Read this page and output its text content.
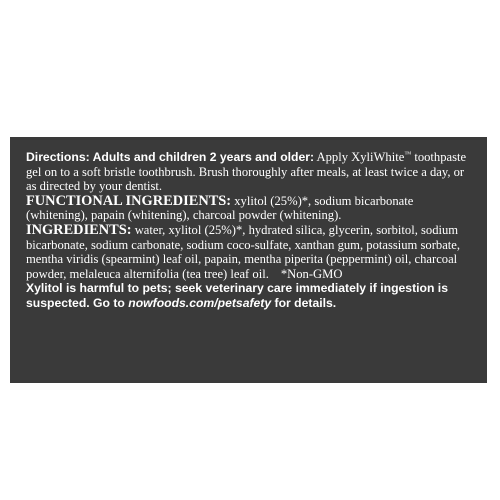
Directions: Adults and children 2 years and older: Apply XyliWhite™ toothpaste gel on to a soft bristle toothbrush. Brush thoroughly after meals, at least twice a day, or as directed by your dentist.

FUNCTIONAL INGREDIENTS: xylitol (25%)*, sodium bicarbonate (whitening), papain (whitening), charcoal powder (whitening).

INGREDIENTS: water, xylitol (25%)*, hydrated silica, glycerin, sorbitol, sodium bicarbonate, sodium carbonate, sodium coco-sulfate, xanthan gum, potassium sorbate, mentha viridis (spearmint) leaf oil, papain, mentha piperita (peppermint) oil, charcoal powder, melaleuca alternifolia (tea tree) leaf oil. *Non-GMO

Xylitol is harmful to pets; seek veterinary care immediately if ingestion is suspected. Go to nowfoods.com/petsafety for details.
